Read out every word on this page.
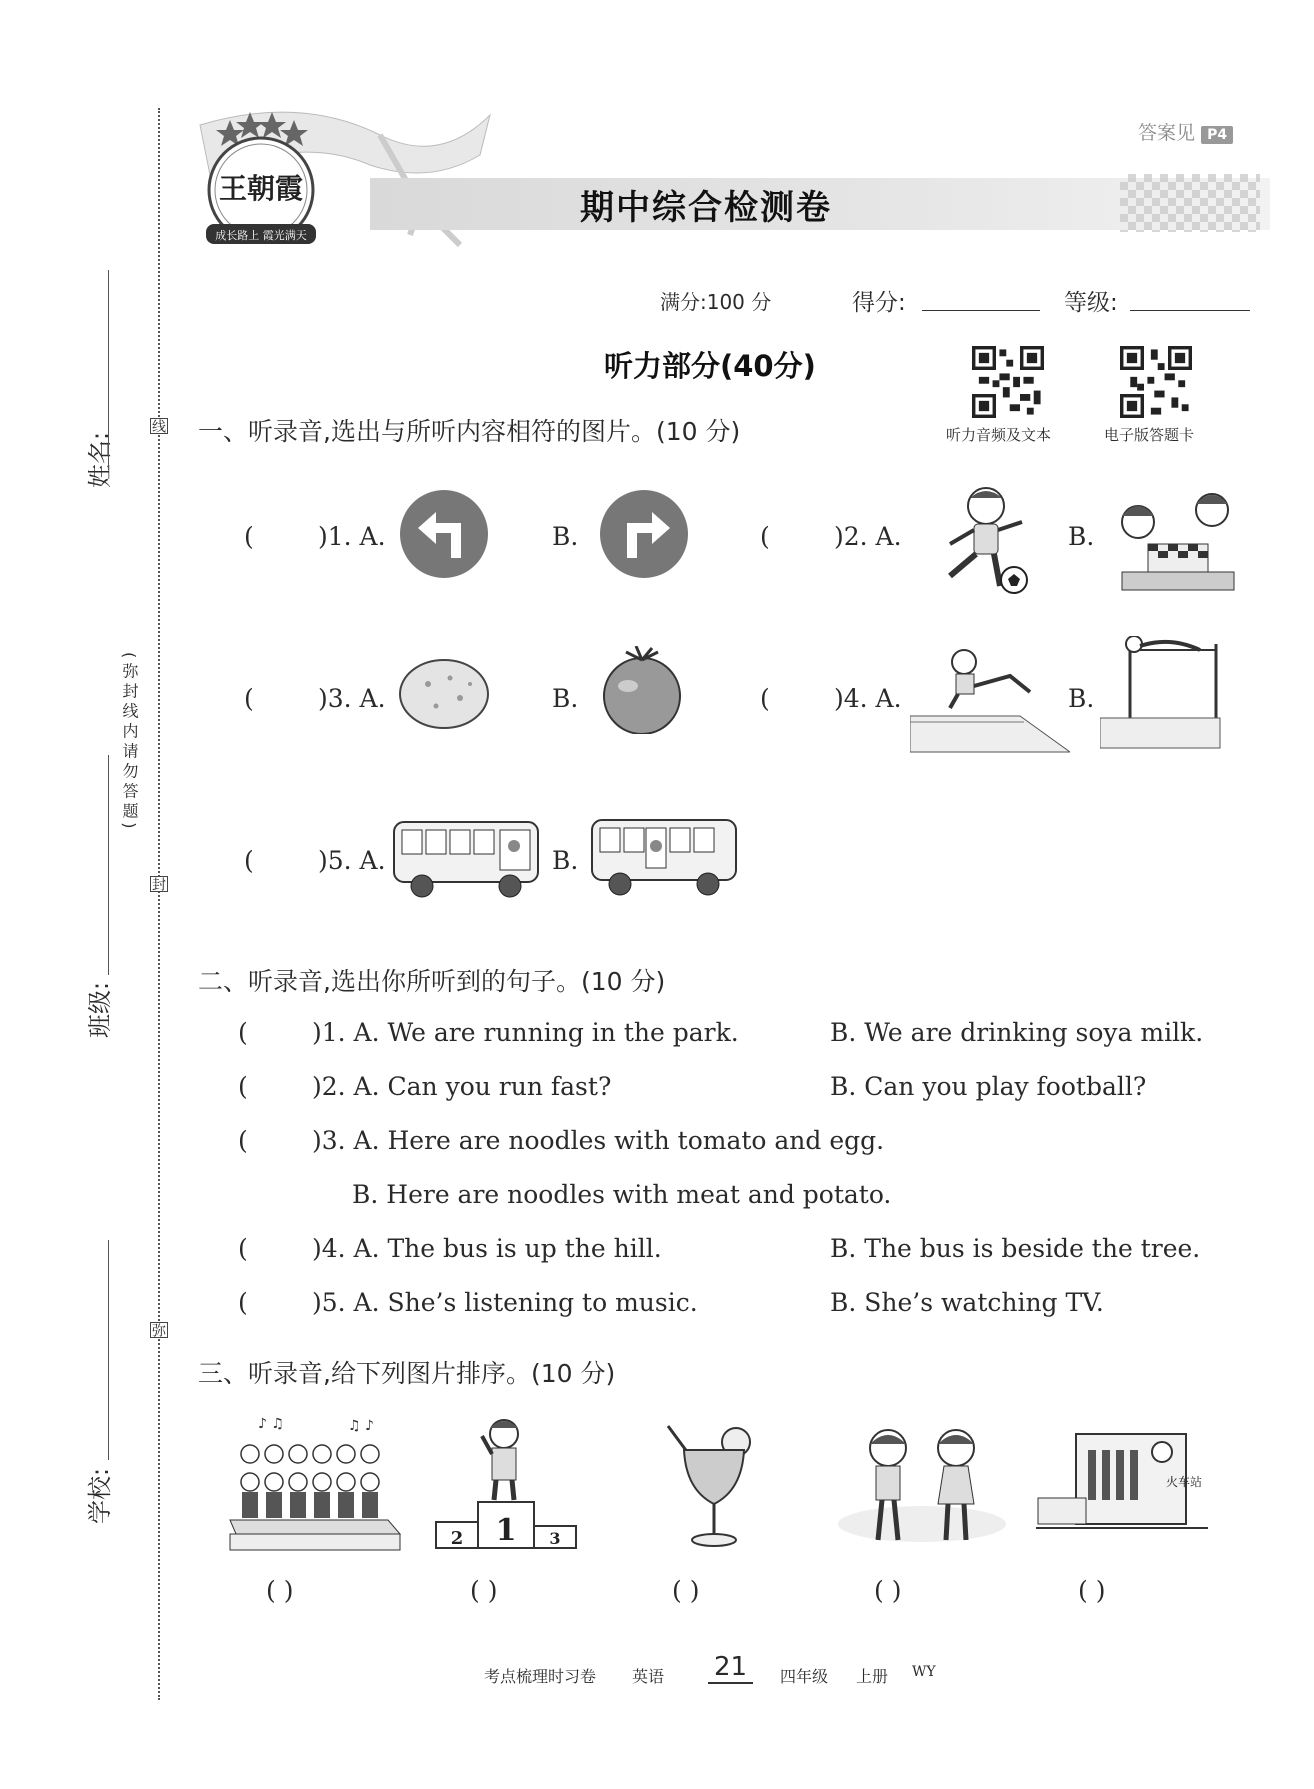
线
封
弥
(弥封线内请勿答题)
姓名:
班级:
学校:
王朝霞
成长路上 霞光满天
答案见 P4
期中综合检测卷
满分:100 分	得分:	等级:
听力部分(40分)
听力音频及文本	电子版答题卡
一、听录音,选出与所听内容相符的图片。(10 分)
(	)1. A.	B.	(	)2. A.	B.
(	)3. A.	B.	(	)4. A.	B.
(	)5. A.	B.
二、听录音,选出你所听到的句子。(10 分)
(	)1. A. We are running in the park.	B. We are drinking soya milk.
(	)2. A. Can you run fast?	B. Can you play football?
(	)3. A. Here are noodles with tomato and egg.
B. Here are noodles with meat and potato.
(	)4. A. The bus is up the hill.	B. The bus is beside the tree.
(	)5. A. She’s listening to music.	B. She’s watching TV.
三、听录音,给下列图片排序。(10 分)
♪ ♫	♫ ♪
2 1 3
火车站
( )	( )	( )	( )	( )
考点梳理时习卷 英语 21	四年级 上册 WY
